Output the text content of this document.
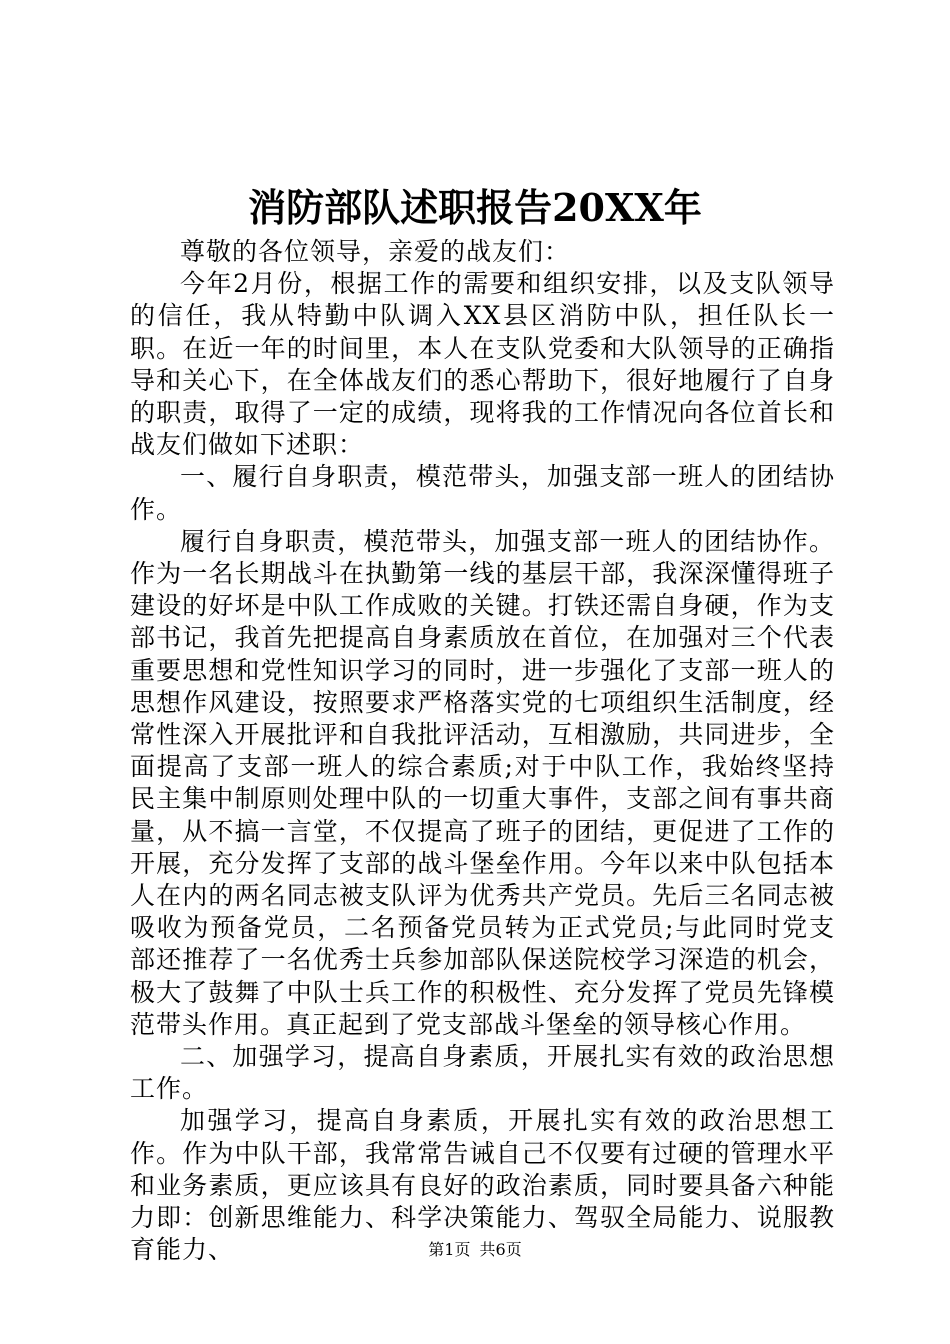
消防部队述职报告20XX年

尊敬的各位领导，亲爱的战友们：

今年2月份，根据工作的需要和组织安排，以及支队领导的信任，我从特勤中队调入XX县区消防中队，担任队长一职。在近一年的时间里，本人在支队党委和大队领导的正确指导和关心下，在全体战友们的悉心帮助下，很好地履行了自身的职责，取得了一定的成绩，现将我的工作情况向各位首长和战友们做如下述职：

一、履行自身职责，模范带头，加强支部一班人的团结协作。

履行自身职责，模范带头，加强支部一班人的团结协作。作为一名长期战斗在执勤第一线的基层干部，我深深懂得班子建设的好坏是中队工作成败的关键。打铁还需自身硬，作为支部书记，我首先把提高自身素质放在首位，在加强对三个代表重要思想和党性知识学习的同时，进一步强化了支部一班人的思想作风建设，按照要求严格落实党的七项组织生活制度，经常性深入开展批评和自我批评活动，互相激励，共同进步，全面提高了支部一班人的综合素质;对于中队工作，我始终坚持民主集中制原则处理中队的一切重大事件，支部之间有事共商量，从不搞一言堂，不仅提高了班子的团结，更促进了工作的开展，充分发挥了支部的战斗堡垒作用。今年以来中队包括本人在内的两名同志被支队评为优秀共产党员。先后三名同志被吸收为预备党员，二名预备党员转为正式党员;与此同时党支部还推荐了一名优秀士兵参加部队保送院校学习深造的机会，极大了鼓舞了中队士兵工作的积极性、充分发挥了党员先锋模范带头作用。真正起到了党支部战斗堡垒的领导核心作用。

二、加强学习，提高自身素质，开展扎实有效的政治思想工作。

加强学习，提高自身素质，开展扎实有效的政治思想工作。作为中队干部，我常常告诫自己不仅要有过硬的管理水平和业务素质，更应该具有良好的政治素质，同时要具备六种能力即：创新思维能力、科学决策能力、驾驭全局能力、说服教育能力、	第1页 共6页
